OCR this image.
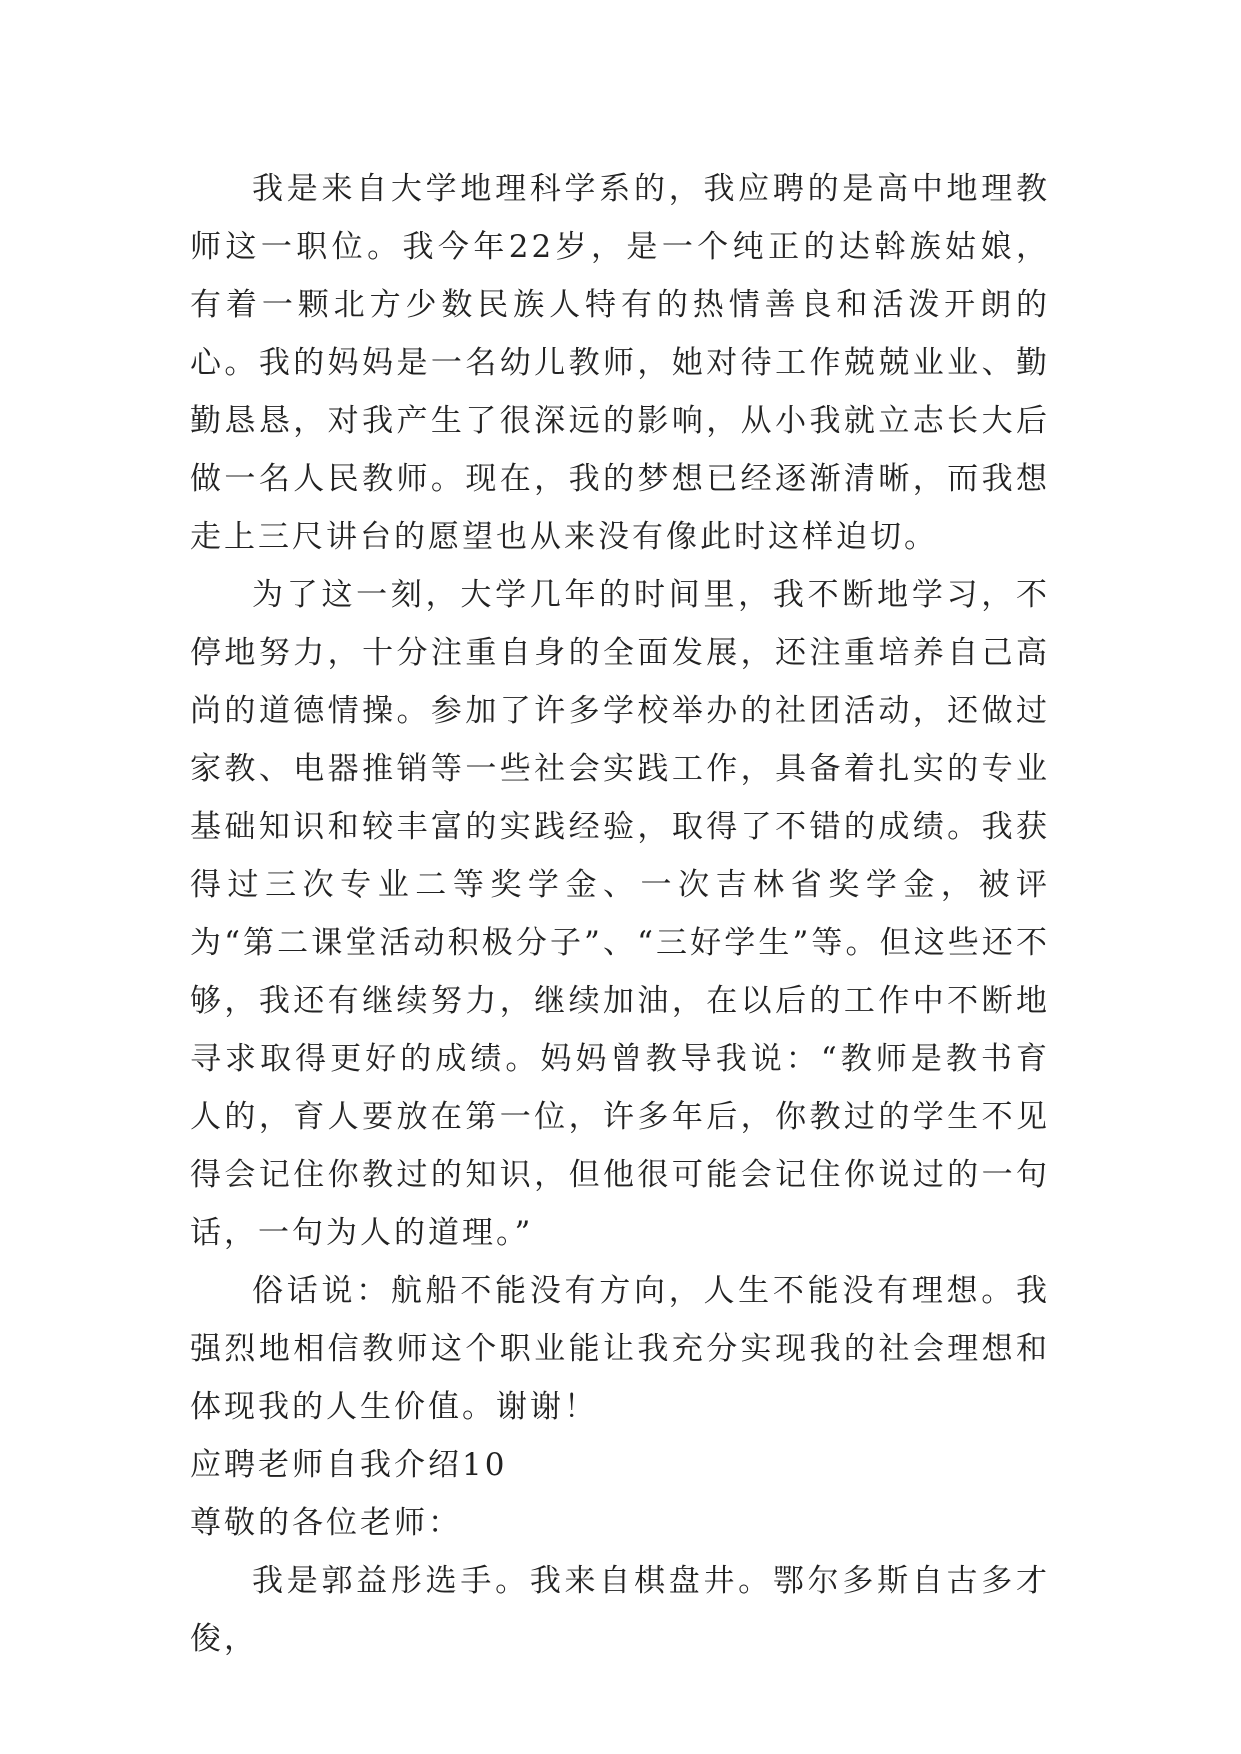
我是来自大学地理科学系的，我应聘的是高中地理教师这一职位。我今年22岁，是一个纯正的达斡族姑娘，有着一颗北方少数民族人特有的热情善良和活泼开朗的心。我的妈妈是一名幼儿教师，她对待工作兢兢业业、勤勤恳恳，对我产生了很深远的影响，从小我就立志长大后做一名人民教师。现在，我的梦想已经逐渐清晰，而我想走上三尺讲台的愿望也从来没有像此时这样迫切。

为了这一刻，大学几年的时间里，我不断地学习，不停地努力，十分注重自身的全面发展，还注重培养自己高尚的道德情操。参加了许多学校举办的社团活动，还做过家教、电器推销等一些社会实践工作，具备着扎实的专业基础知识和较丰富的实践经验，取得了不错的成绩。我获得过三次专业二等奖学金、一次吉林省奖学金，被评为“第二课堂活动积极分子”、“三好学生”等。但这些还不够，我还有继续努力，继续加油，在以后的工作中不断地寻求取得更好的成绩。妈妈曾教导我说：“教师是教书育人的，育人要放在第一位，许多年后，你教过的学生不见得会记住你教过的知识，但他很可能会记住你说过的一句话，一句为人的道理。”

俗话说：航船不能没有方向，人生不能没有理想。我强烈地相信教师这个职业能让我充分实现我的社会理想和体现我的人生价值。谢谢！

应聘老师自我介绍10

尊敬的各位老师：

我是郭益彤选手。我来自棋盘井。鄂尔多斯自古多才俊，
